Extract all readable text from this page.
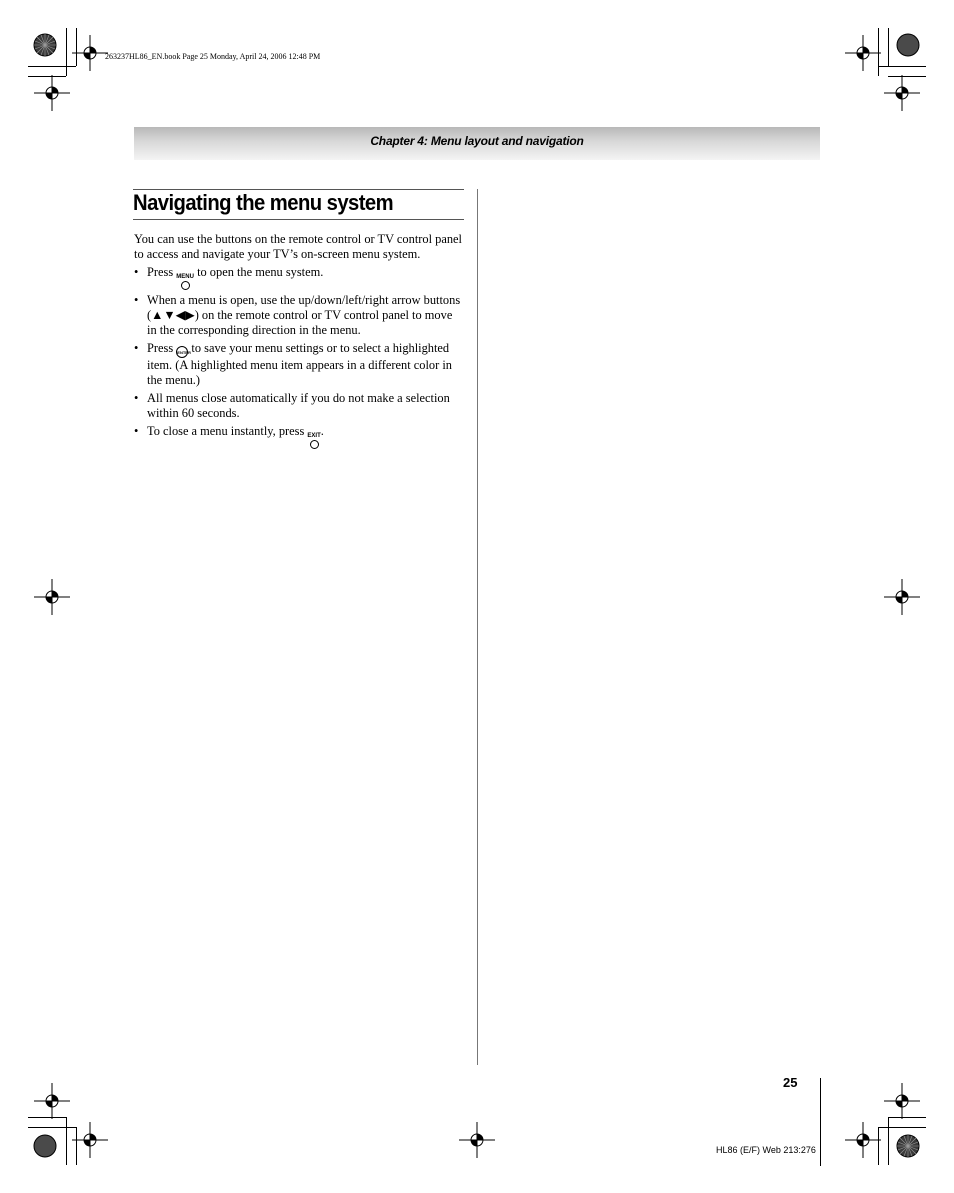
263237HL86_EN.book Page 25 Monday, April 24, 2006 12:48 PM
Chapter 4: Menu layout and navigation
Navigating the menu system

You can use the buttons on the remote control or TV control panel to access and navigate your TV’s on-screen menu system.

• Press MENU to open the menu system.
• When a menu is open, use the up/down/left/right arrow buttons (▲▼◀▶) on the remote control or TV control panel to move in the corresponding direction in the menu.
• Press ENTER to save your menu settings or to select a highlighted item. (A highlighted menu item appears in a different color in the menu.)
• All menus close automatically if you do not make a selection within 60 seconds.
• To close a menu instantly, press EXIT
.
25
HL86 (E/F) Web 213:276
